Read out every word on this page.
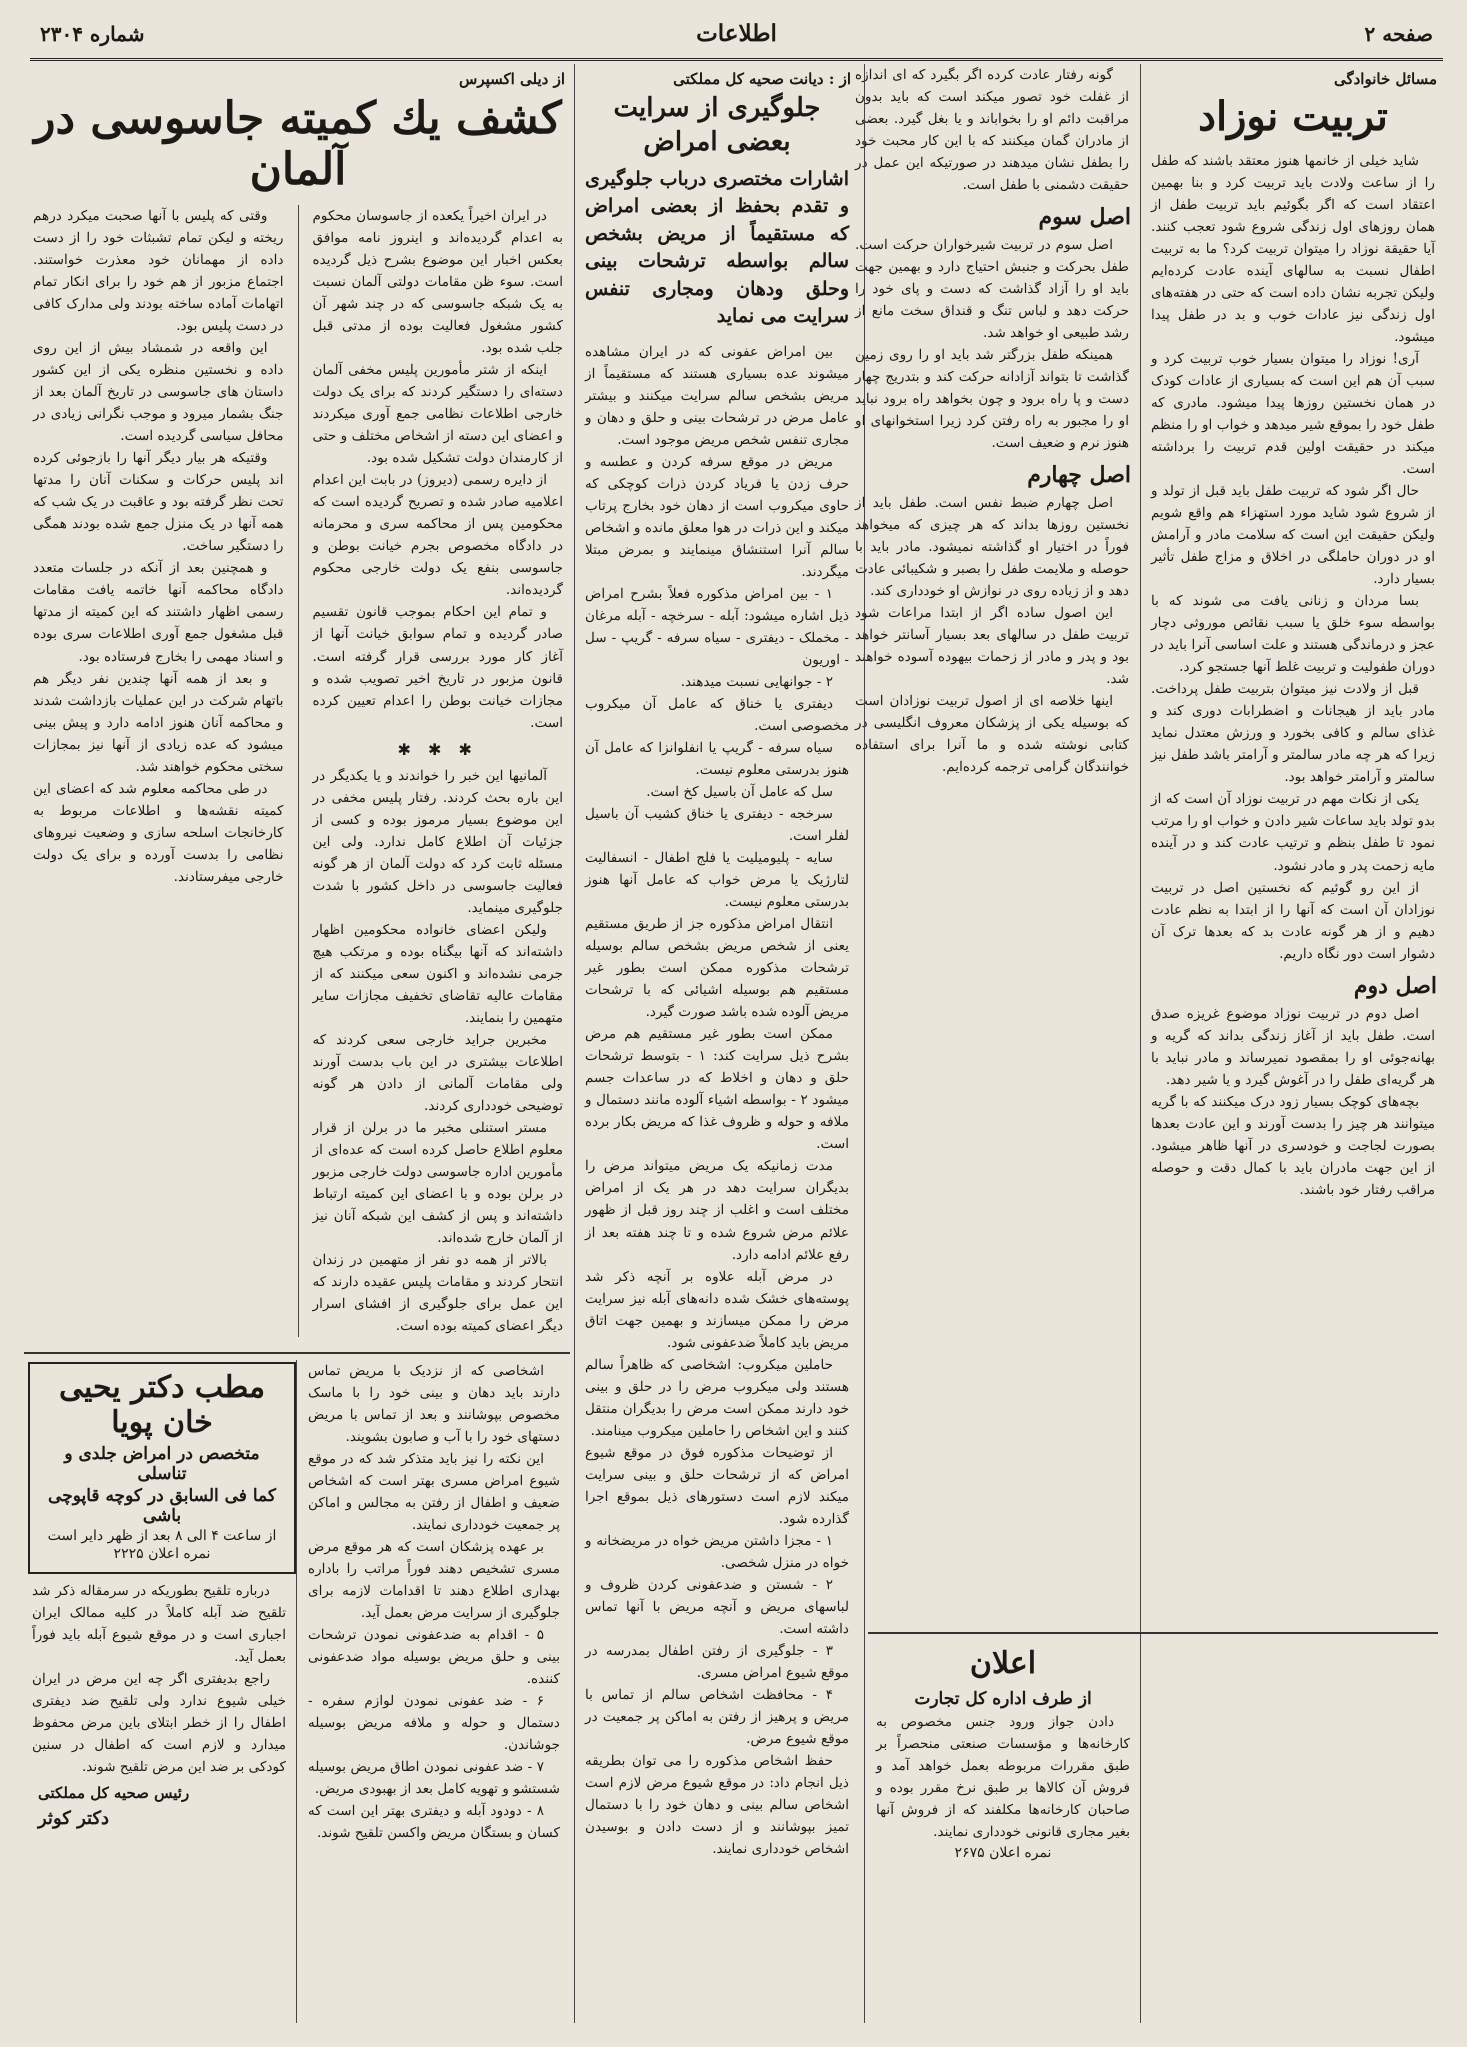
صفحه ۲
اطلاعات
شماره ۲۳۰۴
مسائل خانوادگی
تربیت نوزاد

شاید خیلی از خانمها هنوز معتقد باشند که طفل را از ساعت ولادت باید تربیت کرد و بنا بهمین اعتقاد است که اگر بگوئیم باید تربیت طفل از همان روزهای اول زندگی شروع شود تعجب کنند. آیا حقیقة نوزاد را میتوان تربیت کرد؟ ما به تربیت اطفال نسبت به سالهای آینده عادت کرده‌ایم ولیکن تجربه نشان داده است که حتی در هفته‌های اول زندگی نیز عادات خوب و بد در طفل پیدا میشود.

آری! نوزاد را میتوان بسیار خوب تربیت کرد و سبب آن هم این است که بسیاری از عادات کودک در همان نخستین روزها پیدا میشود. مادری که طفل خود را بموقع شیر میدهد و خواب او را منظم میکند در حقیقت اولین قدم تربیت را برداشته است.

حال اگر شود که تربیت طفل باید قبل از تولد و از شروع شود شاید مورد استهزاء هم واقع شویم ولیکن حقیقت این است که سلامت مادر و آرامش او در دوران حاملگی در اخلاق و مزاج طفل تأثیر بسیار دارد.

بسا مردان و زنانی یافت می شوند که با بواسطه سوء خلق یا سبب نقائص موروثی دچار عجز و درماندگی هستند و علت اساسی آنرا باید در دوران طفولیت و تربیت غلط آنها جستجو کرد.

قبل از ولادت نیز میتوان بتربیت طفل پرداخت. مادر باید از هیجانات و اضطرابات دوری کند و غذای سالم و کافی بخورد و ورزش معتدل نماید زیرا که هر چه مادر سالمتر و آرامتر باشد طفل نیز سالمتر و آرامتر خواهد بود.

یکی از نکات مهم در تربیت نوزاد آن است که از بدو تولد باید ساعات شیر دادن و خواب او را مرتب نمود تا طفل بنظم و ترتیب عادت کند و در آینده مایه زحمت پدر و مادر نشود.

از این رو گوئیم که نخستین اصل در تربیت نوزادان آن است که آنها را از ابتدا به نظم عادت دهیم و از هر گونه عادت بد که بعدها ترک آن دشوار است دور نگاه داریم.

اصل دوم

اصل دوم در تربیت نوزاد موضوع غریزه صدق است. طفل باید از آغاز زندگی بداند که گریه و بهانه‌جوئی او را بمقصود نمیرساند و مادر نباید با هر گریه‌ای طفل را در آغوش گیرد و یا شیر دهد.

بچه‌های کوچک بسیار زود درک میکنند که با گریه میتوانند هر چیز را بدست آورند و این عادت بعدها بصورت لجاجت و خودسری در آنها ظاهر میشود. از این جهت مادران باید با کمال دقت و حوصله مراقب رفتار خود باشند.

گونه رفتار عادت کرده اگر بگیرد که ای اندازه از غفلت خود تصور میکند است که باید بدون مراقبت دائم او را بخواباند و یا بغل گیرد. بعضی از مادران گمان میکنند که با این کار محبت خود را بطفل نشان میدهند در صورتیکه این عمل در حقیقت دشمنی با طفل است.

اصل سوم

اصل سوم در تربیت شیرخواران حرکت است. طفل بحرکت و جنبش احتیاج دارد و بهمین جهت باید او را آزاد گذاشت که دست و پای خود را حرکت دهد و لباس تنگ و قنداق سخت مانع از رشد طبیعی او خواهد شد.

همینکه طفل بزرگتر شد باید او را روی زمین گذاشت تا بتواند آزادانه حرکت کند و بتدریج چهار دست و پا راه برود و چون بخواهد راه برود نباید او را مجبور به راه رفتن کرد زیرا استخوانهای او هنوز نرم و ضعیف است.

اصل چهارم

اصل چهارم ضبط نفس است. طفل باید از نخستین روزها بداند که هر چیزی که میخواهد فوراً در اختیار او گذاشته نمیشود. مادر باید با حوصله و ملایمت طفل را بصبر و شکیبائی عادت دهد و از زیاده روی در نوازش او خودداری کند.

این اصول ساده اگر از ابتدا مراعات شود تربیت طفل در سالهای بعد بسیار آسانتر خواهد بود و پدر و مادر از زحمات بیهوده آسوده خواهند شد.

اینها خلاصه ای از اصول تربیت نوزادان است که بوسیله یکی از پزشکان معروف انگلیسی در کتابی نوشته شده و ما آنرا برای استفاده خوانندگان گرامی ترجمه کرده‌ایم.

اعلان
از طرف اداره کل تجارت

دادن جواز ورود جنس مخصوص به کارخانه‌ها و مؤسسات صنعتی منحصراً بر طبق مقررات مربوطه بعمل خواهد آمد و فروش آن کالاها بر طبق نرخ مقرر بوده و صاحبان کارخانه‌ها مکلفند که از فروش آنها بغیر مجاری قانونی خودداری نمایند.

نمره اعلان ۲۶۷۵
از : دیانت صحیه کل مملکتی
جلوگیری از سرایت بعضی امراض
اشارات مختصری درباب جلوگیری و تقدم بحفظ از بعضی امراض که مستقیماً از مریض بشخص سالم بواسطه ترشحات بینی وحلق ودهان ومجاری تنفس سرایت می نماید

بین امراض عفونی که در ایران مشاهده میشوند عده بسیاری هستند که مستقیماً از مریض بشخص سالم سرایت میکنند و بیشتر عامل مرض در ترشحات بینی و حلق و دهان و مجاری تنفس شخص مریض موجود است.

مریض در موقع سرفه کردن و عطسه و حرف زدن یا فریاد کردن ذرات کوچکی که حاوی میکروب است از دهان خود بخارج پرتاب میکند و این ذرات در هوا معلق مانده و اشخاص سالم آنرا استنشاق مینمایند و بمرض مبتلا میگردند.

۱ - بین امراض مذکوره فعلاً بشرح امراض ذیل اشاره میشود: آبله - سرخچه - آبله مرغان - مخملک - دیفتری - سیاه سرفه - گریپ - سل - اوریون

۲ - جوانهایی نسبت میدهند.

دیفتری یا خناق که عامل آن میکروب مخصوصی است.

سیاه سرفه - گریپ یا انفلوانزا که عامل آن هنوز بدرستی معلوم نیست.

سل که عامل آن باسیل کخ است.

سرخجه - دیفتری یا خناق کشیب آن باسیل لفلر است.

سایه - پلیومیلیت یا فلج اطفال - انسفالیت لتارژیک یا مرض خواب که عامل آنها هنوز بدرستی معلوم نیست.

انتقال امراض مذکوره جز از طریق مستقیم یعنی از شخص مریض بشخص سالم بوسیله ترشحات مذکوره ممکن است بطور غیر مستقیم هم بوسیله اشیائی که با ترشحات مریض آلوده شده باشد صورت گیرد.

ممکن است بطور غیر مستقیم هم مرض بشرح ذیل سرایت کند: ۱ - بتوسط ترشحات حلق و دهان و اخلاط که در ساعدات جسم میشود ۲ - بواسطه اشیاء آلوده مانند دستمال و ملافه و حوله و ظروف غذا که مریض بکار برده است.

مدت زمانیکه یک مریض میتواند مرض را بدیگران سرایت دهد در هر یک از امراض مختلف است و اغلب از چند روز قبل از ظهور علائم مرض شروع شده و تا چند هفته بعد از رفع علائم ادامه دارد.

در مرض آبله علاوه بر آنچه ذکر شد پوسته‌های خشک شده دانه‌های آبله نیز سرایت مرض را ممکن میسازند و بهمین جهت اتاق مریض باید کاملاً ضدعفونی شود.

حاملین میکروب: اشخاصی که ظاهراً سالم هستند ولی میکروب مرض را در حلق و بینی خود دارند ممکن است مرض را بدیگران منتقل کنند و این اشخاص را حاملین میکروب مینامند.

از توضیحات مذکوره فوق در موقع شیوع امراض که از ترشحات حلق و بینی سرایت میکند لازم است دستورهای ذیل بموقع اجرا گذارده شود.

۱ - مجزا داشتن مریض خواه در مریضخانه و خواه در منزل شخصی.

۲ - شستن و ضدعفونی کردن ظروف و لباسهای مریض و آنچه مریض با آنها تماس داشته است.

۳ - جلوگیری از رفتن اطفال بمدرسه در موقع شیوع امراض مسری.

۴ - محافظت اشخاص سالم از تماس با مریض و پرهیز از رفتن به اماکن پر جمعیت در موقع شیوع مرض.

حفظ اشخاص مذکوره را می توان بطریقه ذیل انجام داد: در موقع شیوع مرض لازم است اشخاص سالم بینی و دهان خود را با دستمال تمیز بپوشانند و از دست دادن و بوسیدن اشخاص خودداری نمایند.

از دیلی اکسپرس
کشف یك کمیته جاسوسی در آلمان

در ایران اخیراً یکعده از جاسوسان محکوم به اعدام گردیده‌اند و اینروز نامه موافق بعکس اخبار این موضوع بشرح ذیل گردیده است. سوء ظن مقامات دولتی آلمان نسبت به یک شبکه جاسوسی که در چند شهر آن کشور مشغول فعالیت بوده از مدتی قبل جلب شده بود.

اینکه از شتر مأمورین پلیس مخفی آلمان دسته‌ای را دستگیر کردند که برای یک دولت خارجی اطلاعات نظامی جمع آوری میکردند و اعضای این دسته از اشخاص مختلف و حتی از کارمندان دولت تشکیل شده بود.

از دایره رسمی (دیروز) در بابت این اعدام اعلامیه صادر شده و تصریح گردیده است که محکومین پس از محاکمه سری و محرمانه در دادگاه مخصوص بجرم خیانت بوطن و جاسوسی بنفع یک دولت خارجی محکوم گردیده‌اند.

و تمام این احکام بموجب قانون تقسیم صادر گردیده و تمام سوابق خیانت آنها از آغاز کار مورد بررسی قرار گرفته است. قانون مزبور در تاریخ اخیر تصویب شده و مجازات خیانت بوطن را اعدام تعیین کرده است.

✱ ✱ ✱

آلمانیها این خبر را خواندند و یا یکدیگر در این باره بحث کردند. رفتار پلیس مخفی در این موضوع بسیار مرموز بوده و کسی از جزئیات آن اطلاع کامل ندارد. ولی این مسئله ثابت کرد که دولت آلمان از هر گونه فعالیت جاسوسی در داخل کشور با شدت جلوگیری مینماید.

ولیکن اعضای خانواده محکومین اظهار داشته‌اند که آنها بیگناه بوده و مرتکب هیچ جرمی نشده‌اند و اکنون سعی میکنند که از مقامات عالیه تقاضای تخفیف مجازات سایر متهمین را بنمایند.

مخبرین جراید خارجی سعی کردند که اطلاعات بیشتری در این باب بدست آورند ولی مقامات آلمانی از دادن هر گونه توضیحی خودداری کردند.

مستر استنلی مخبر ما در برلن از قرار معلوم اطلاع حاصل کرده است که عده‌ای از مأمورین اداره جاسوسی دولت خارجی مزبور در برلن بوده و با اعضای این کمیته ارتباط داشته‌اند و پس از کشف این شبکه آنان نیز از آلمان خارج شده‌اند.

بالاتر از همه دو نفر از متهمین در زندان انتحار کردند و مقامات پلیس عقیده دارند که این عمل برای جلوگیری از افشای اسرار دیگر اعضای کمیته بوده است.

وقتی که پلیس با آنها صحبت میکرد درهم ریخته و لیکن تمام تشبثات خود را از دست داده از مهمانان خود معذرت خواستند. اجتماع مزبور از هم خود را برای انکار تمام اتهامات آماده ساخته بودند ولی مدارک کافی در دست پلیس بود.

این واقعه در شمشاد بیش از این روی داده و نخستین منظره یکی از این کشور داستان های جاسوسی در تاریخ آلمان بعد از جنگ بشمار میرود و موجب نگرانی زیادی در محافل سیاسی گردیده است.

وقتیکه هر بیار دیگر آنها را بازجوئی کرده اند پلیس حرکات و سکنات آنان را مدتها تحت نظر گرفته بود و عاقبت در یک شب که همه آنها در یک منزل جمع شده بودند همگی را دستگیر ساخت.

و همچنین بعد از آنکه در جلسات متعدد دادگاه محاکمه آنها خاتمه یافت مقامات رسمی اظهار داشتند که این کمیته از مدتها قبل مشغول جمع آوری اطلاعات سری بوده و اسناد مهمی را بخارج فرستاده بود.

و بعد از همه آنها چندین نفر دیگر هم باتهام شرکت در این عملیات بازداشت شدند و محاکمه آنان هنوز ادامه دارد و پیش بینی میشود که عده زیادی از آنها نیز بمجازات سختی محکوم خواهند شد.

در طی محاکمه معلوم شد که اعضای این کمیته نقشه‌ها و اطلاعات مربوط به کارخانجات اسلحه سازی و وضعیت نیروهای نظامی را بدست آورده و برای یک دولت خارجی میفرستادند.

اشخاصی که از نزدیک با مریض تماس دارند باید دهان و بینی خود را با ماسک مخصوص بپوشانند و بعد از تماس با مریض دستهای خود را با آب و صابون بشویند.

این نکته را نیز باید متذکر شد که در موقع شیوع امراض مسری بهتر است که اشخاص ضعیف و اطفال از رفتن به مجالس و اماکن پر جمعیت خودداری نمایند.

بر عهده پزشکان است که هر موقع مرض مسری تشخیص دهند فوراً مراتب را باداره بهداری اطلاع دهند تا اقدامات لازمه برای جلوگیری از سرایت مرض بعمل آید.

۵ - اقدام به ضدعفونی نمودن ترشحات بینی و حلق مریض بوسیله مواد ضدعفونی کننده.

۶ - ضد عفونی نمودن لوازم سفره - دستمال و حوله و ملافه مریض بوسیله جوشاندن.

۷ - ضد عفونی نمودن اطاق مریض بوسیله شستشو و تهویه کامل بعد از بهبودی مریض.

۸ - دودود آبله و دیفتری بهتر این است که کسان و بستگان مریض واکسن تلقیح شوند.

مطب دکتر یحیی خان پویا
متخصص در امراض جلدی و تناسلی
کما فی السابق در کوچه قاپوچی باشی
از ساعت ۴ الی ۸ بعد از ظهر دایر است
نمره اعلان ۲۲۲۵

درباره تلقیح بطوریکه در سرمقاله ذکر شد تلقیح ضد آبله کاملاً در کلیه ممالک ایران اجباری است و در موقع شیوع آبله باید فوراً بعمل آید.

راجع بدیفتری اگر چه این مرض در ایران خیلی شیوع ندارد ولی تلقیح ضد دیفتری اطفال را از خطر ابتلای باین مرض محفوظ میدارد و لازم است که اطفال در سنین کودکی بر ضد این مرض تلقیح شوند.

رئیس صحیه کل مملکتی
دکتر کوثر
